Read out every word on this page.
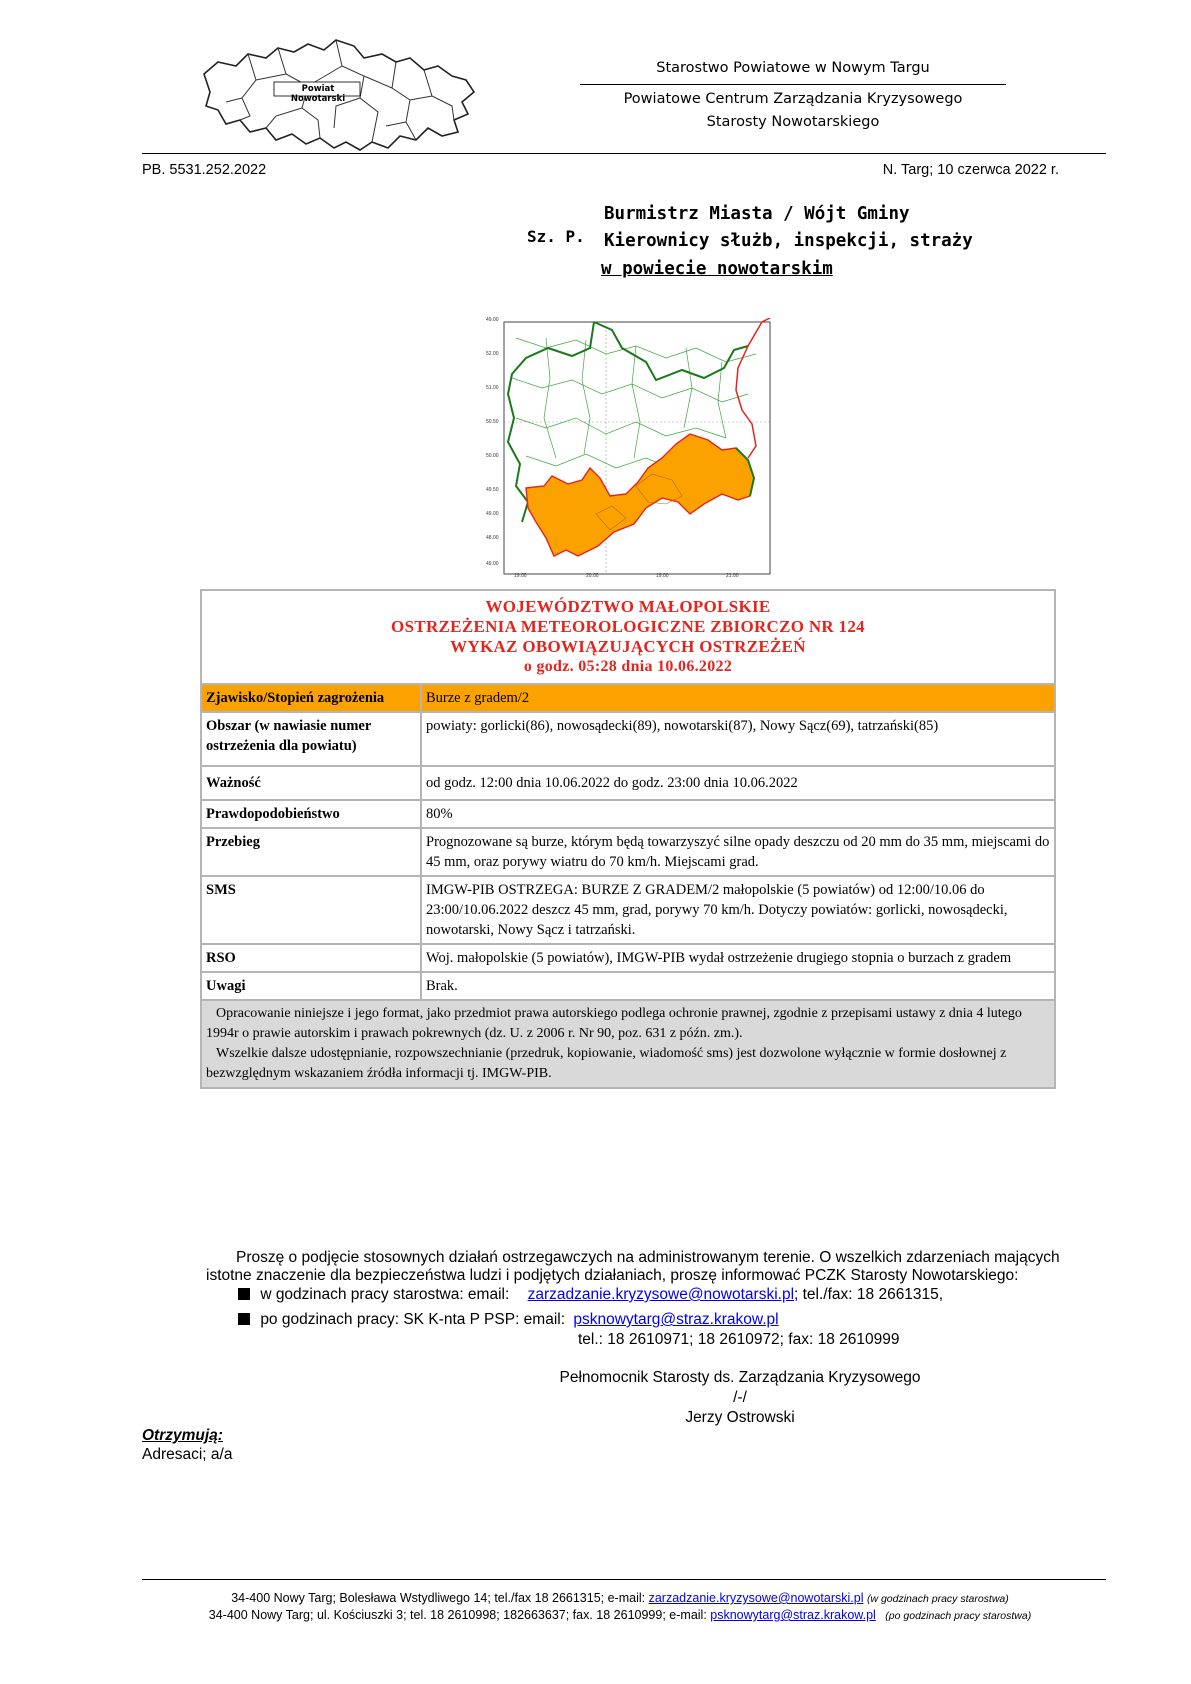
Powiat Nowotarski
Starostwo Powiatowe w Nowym Targu
Powiatowe Centrum Zarządzania Kryzysowego
Starosty Nowotarskiego
PB. 5531.252.2022	N. Targ; 10 czerwca 2022 r.
Sz. P.
Burmistrz Miasta / Wójt Gminy
Kierownicy służb, inspekcji, straży
w powiecie nowotarskim
49.00
52.00
51.00
50.50
50.00
49.50
49.00
48.00
49.00
19.00	20.00	19.00	21.00
WOJEWÓDZTWO MAŁOPOLSKIE
OSTRZEŻENIA METEOROLOGICZNE ZBIORCZO NR 124
WYKAZ OBOWIĄZUJĄCYCH OSTRZEŻEŃ
o godz. 05:28 dnia 10.06.2022	

Zjawisko/Stopień zagrożenia	Burze z gradem/2
Obszar (w nawiasie numer ostrzeżenia dla powiatu)	powiaty: gorlicki(86), nowosądecki(89), nowotarski(87), Nowy Sącz(69), tatrzański(85)
Ważność	od godz. 12:00 dnia 10.06.2022 do godz. 23:00 dnia 10.06.2022
Prawdopodobieństwo	80%
Przebieg	Prognozowane są burze, którym będą towarzyszyć silne opady deszczu od 20 mm do 35 mm, miejscami do 45 mm, oraz porywy wiatru do 70 km/h. Miejscami grad.
SMS	IMGW-PIB OSTRZEGA: BURZE Z GRADEM/2 małopolskie (5 powiatów) od 12:00/10.06 do 23:00/10.06.2022 deszcz 45 mm, grad, porywy 70 km/h. Dotyczy powiatów: gorlicki, nowosądecki, nowotarski, Nowy Sącz i tatrzański.
RSO	Woj. małopolskie (5 powiatów), IMGW-PIB wydał ostrzeżenie drugiego stopnia o burzach z gradem
Uwagi	Brak.

Opracowanie niniejsze i jego format, jako przedmiot prawa autorskiego podlega ochronie prawnej, zgodnie z przepisami ustawy z dnia 4 lutego 1994r o prawie autorskim i prawach pokrewnych (dz. U. z 2006 r. Nr 90, poz. 631 z późn. zm.).
Wszelkie dalsze udostępnianie, rozpowszechnianie (przedruk, kopiowanie, wiadomość sms) jest dozwolone wyłącznie w formie dosłownej z bezwzględnym wskazaniem źródła informacji tj. IMGW-PIB.	
Proszę o podjęcie stosownych działań ostrzegawczych na administrowanym terenie. O wszelkich zdarzeniach mających istotne znaczenie dla bezpieczeństwa ludzi i podjętych działaniach, proszę informować PCZK Starosty Nowotarskiego:
w godzinach pracy starostwa: email: zarzadzanie.kryzysowe@nowotarski.pl; tel./fax: 18 2661315,
po godzinach pracy: SK K-nta P PSP: email: psknowytarg@straz.krakow.pl
tel.: 18 2610971; 18 2610972; fax: 18 2610999
Pełnomocnik Starosty ds. Zarządzania Kryzysowego
/-/
Jerzy Ostrowski
Otrzymują:
Adresaci; a/a
34-400 Nowy Targ; Bolesława Wstydliwego 14; tel./fax 18 2661315; e-mail: zarzadzanie.kryzysowe@nowotarski.pl (w godzinach pracy starostwa)
34-400 Nowy Targ; ul. Kościuszki 3; tel. 18 2610998; 182663637; fax. 18 2610999; e-mail: psknowytarg@straz.krakow.pl (po godzinach pracy starostwa)
